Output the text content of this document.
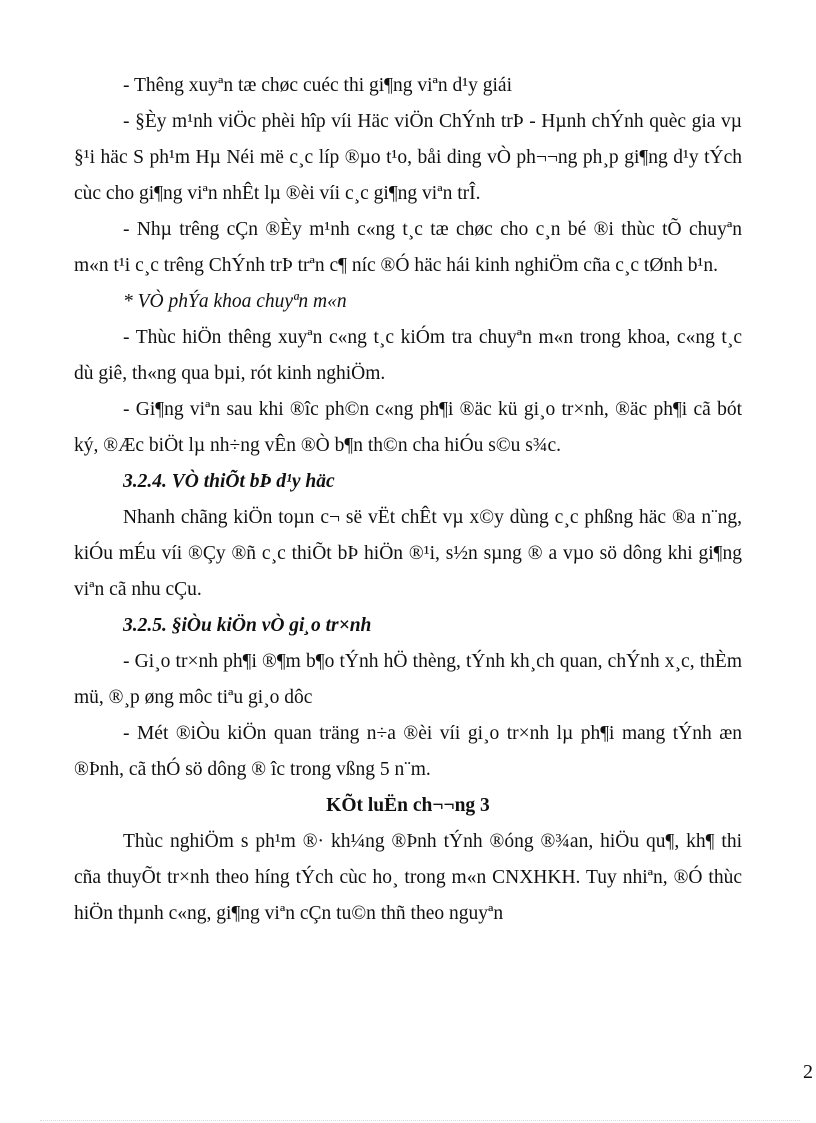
- Thêng xuyªn tæ chøc cuéc thi gi¶ng viªn d¹y giái

- §Èy m¹nh viÖc phèi hîp víi Häc viÖn ChÝnh trÞ - Hµnh chÝnh quèc gia vµ §¹i häc S ph¹m Hµ Néi më c¸c líp ®µo t¹o, båi ding vÒ ph¬¬ng ph¸p gi¶ng d¹y tÝch cùc cho gi¶ng viªn nhÊt lµ ®èi víi c¸c gi¶ng viªn trÎ.

- Nhµ trêng cÇn ®Èy m¹nh c«ng t¸c tæ chøc cho c¸n bé ®i thùc tÕ chuyªn m«n t¹i c¸c trêng ChÝnh trÞ trªn c¶ níc ®Ó häc hái kinh nghiÖm cña c¸c tØnh b¹n.

* VÒ phÝa khoa chuyªn m«n

- Thùc hiÖn thêng xuyªn c«ng t¸c kiÓm tra chuyªn m«n trong khoa, c«ng t¸c dù giê, th«ng qua bµi, rót kinh nghiÖm.

- Gi¶ng viªn sau khi ®îc ph©n c«ng ph¶i ®äc kü gi¸o tr×nh, ®äc ph¶i cã bót ký, ®Æc biÖt lµ nh÷ng vÊn ®Ò b¶n th©n cha hiÓu s©u s¾c.

3.2.4. VÒ thiÕt bÞ d¹y häc

Nhanh chãng kiÖn toµn c¬ së vËt chÊt vµ x©y dùng c¸c phßng häc ®a n¨ng, kiÓu mÉu víi ®Çy ®ñ c¸c thiÕt bÞ hiÖn ®¹i, s½n sµng ® a vµo sö dông khi gi¶ng viªn cã nhu cÇu.

3.2.5. §iÒu kiÖn vÒ gi¸o tr×nh

- Gi¸o tr×nh ph¶i ®¶m b¶o tÝnh hÖ thèng, tÝnh kh¸ch quan, chÝnh x¸c, thÈm mü, ®¸p øng môc tiªu gi¸o dôc

- Mét ®iÒu kiÖn quan träng n÷a ®èi víi gi¸o tr×nh lµ ph¶i mang tÝnh æn ®Þnh, cã thÓ sö dông ® îc trong vßng 5 n¨m.

KÕt luËn ch¬¬ng 3

Thùc nghiÖm s ph¹m ®· kh¼ng ®Þnh tÝnh ®óng ®¾an, hiÖu qu¶, kh¶ thi cña thuyÕt tr×nh theo híng tÝch cùc ho¸ trong m«n CNXHKH. Tuy nhiªn, ®Ó thùc hiÖn thµnh c«ng, gi¶ng viªn cÇn tu©n thñ theo nguyªn

2
